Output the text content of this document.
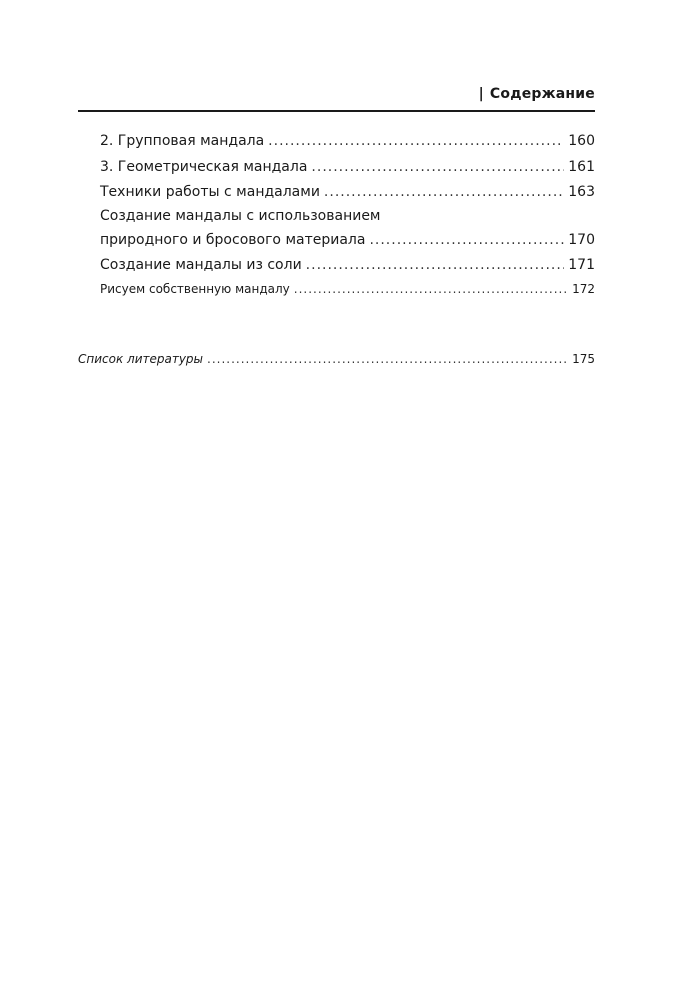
| Содержание
2. Групповая мандала .....	160
3. Геометрическая мандала .....	161
Техники работы с мандалами .....	163
Создание мандалы с использованием
природного и бросового материала .....	170
Создание мандалы из соли .....	171
Рисуем собственную мандалу .....	172
Список литературы .....	175
